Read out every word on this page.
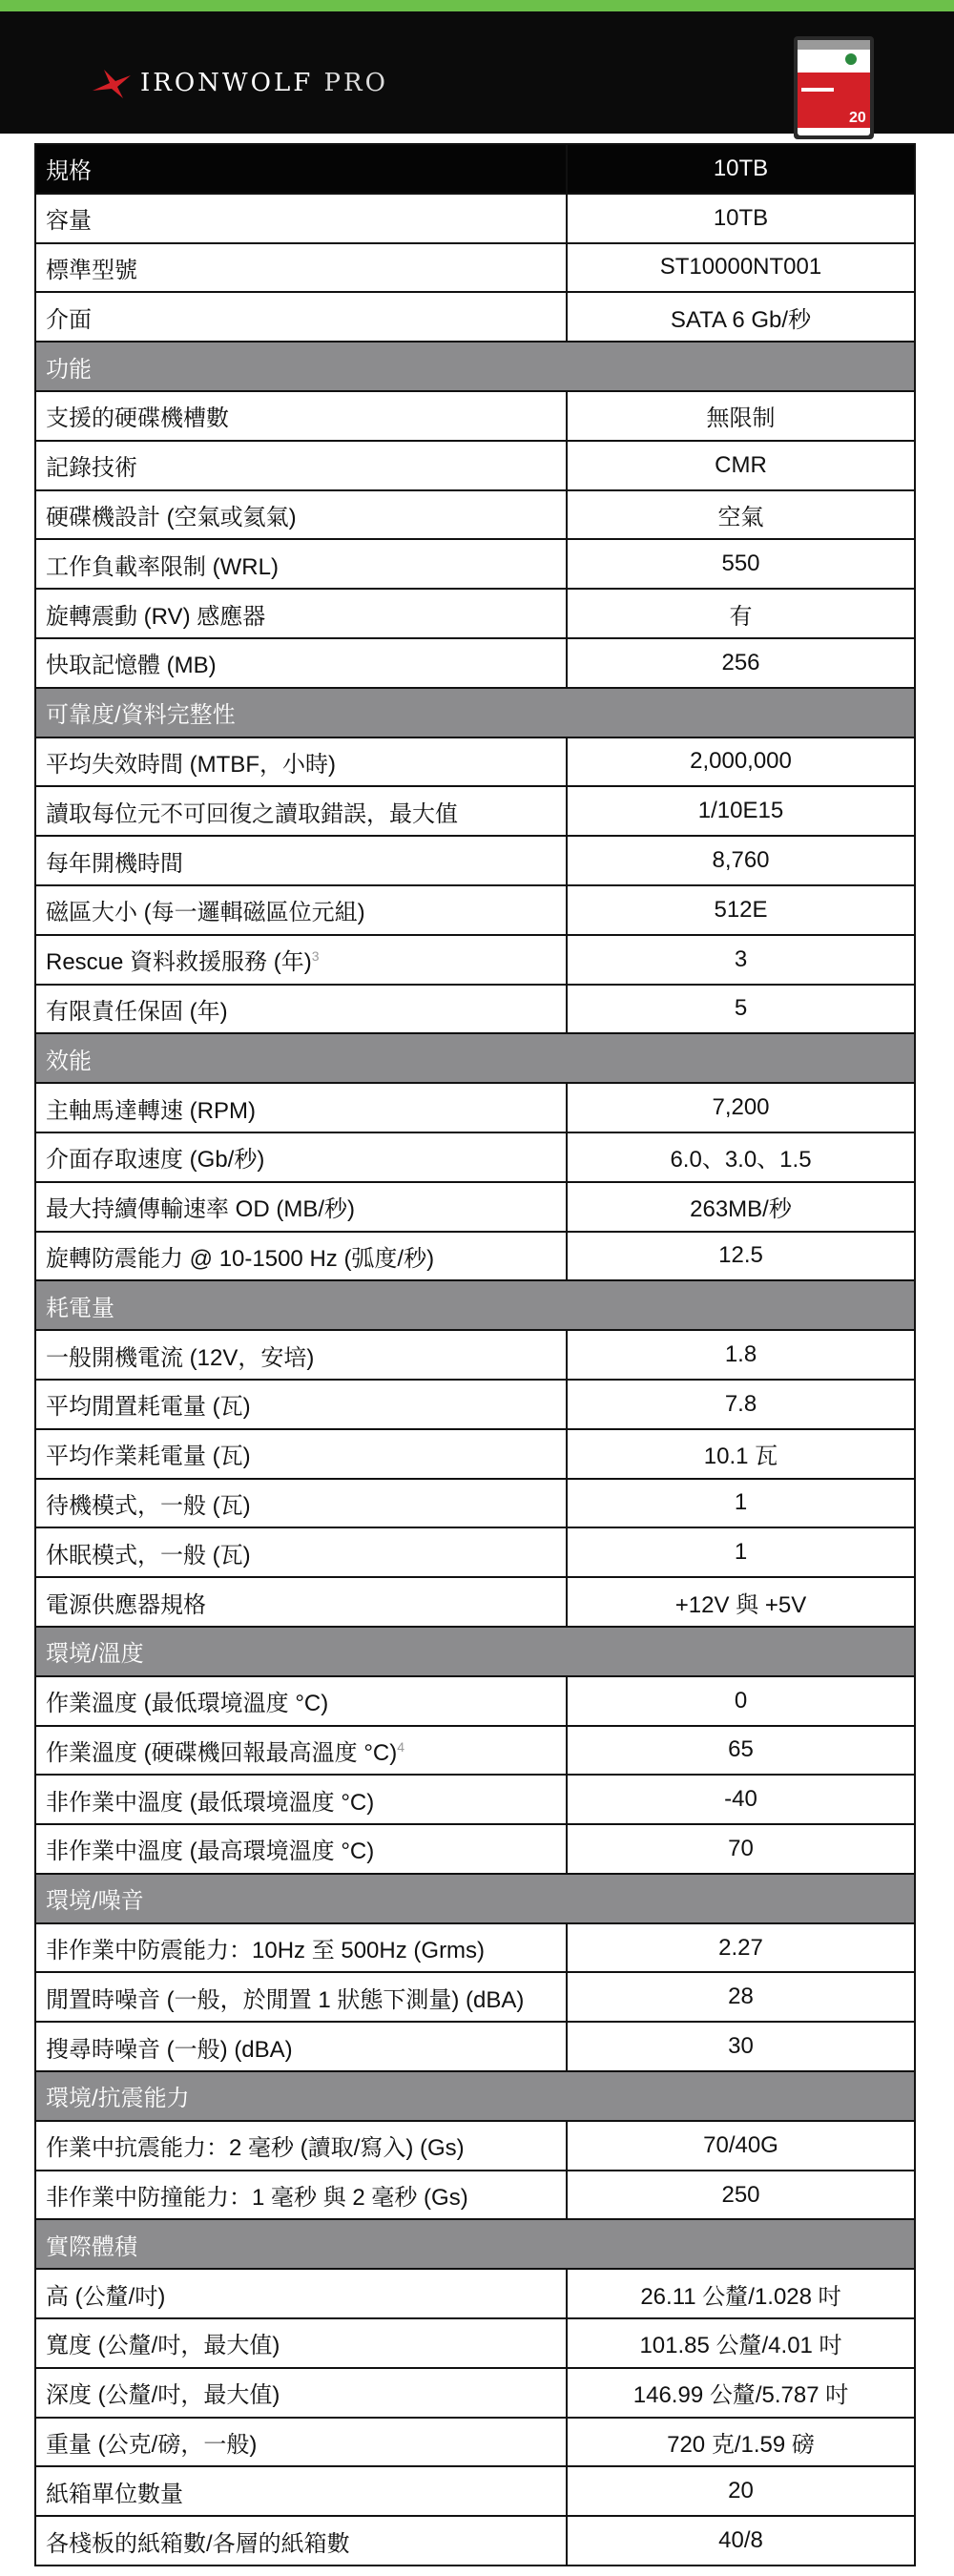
IRONWOLF PRO
20
規格	10TB
容量	10TB
標準型號	ST10000NT001
介面	SATA 6 Gb/秒
功能	
支援的硬碟機槽數	無限制
記錄技術	CMR
硬碟機設計 (空氣或氦氣)	空氣
工作負載率限制 (WRL)	550
旋轉震動 (RV) 感應器	有
快取記憶體 (MB)	256
可靠度/資料完整性	
平均失效時間 (MTBF，小時)	2,000,000
讀取每位元不可回復之讀取錯誤，最大值	1/10E15
每年開機時間	8,760
磁區大小 (每一邏輯磁區位元組)	512E
Rescue 資料救援服務 (年)$^3$	3
有限責任保固 (年)	5
效能	
主軸馬達轉速 (RPM)	7,200
介面存取速度 (Gb/秒)	6.0、3.0、1.5
最大持續傳輸速率 OD (MB/秒)	263MB/秒
旋轉防震能力 @ 10-1500 Hz (弧度/秒)	12.5
耗電量	
一般開機電流 (12V，安培)	1.8
平均閒置耗電量 (瓦)	7.8
平均作業耗電量 (瓦)	10.1 瓦
待機模式，一般 (瓦)	1
休眠模式，一般 (瓦)	1
電源供應器規格	+12V 與 +5V
環境/溫度	
作業溫度 (最低環境溫度 °C)	0
作業溫度 (硬碟機回報最高溫度 °C)$^4$	65
非作業中溫度 (最低環境溫度 °C)	-40
非作業中溫度 (最高環境溫度 °C)	70
環境/噪音	
非作業中防震能力：10Hz 至 500Hz (Grms)	2.27
閒置時噪音 (一般，於閒置 1 狀態下測量) (dBA)	28
搜尋時噪音 (一般) (dBA)	30
環境/抗震能力	
作業中抗震能力：2 毫秒 (讀取/寫入) (Gs)	70/40G
非作業中防撞能力：1 毫秒 與 2 毫秒 (Gs)	250
實際體積	
高 (公釐/吋)	26.11 公釐/1.028 吋
寬度 (公釐/吋，最大值)	101.85 公釐/4.01 吋
深度 (公釐/吋，最大值)	146.99 公釐/5.787 吋
重量 (公克/磅，一般)	720 克/1.59 磅
紙箱單位數量	20
各棧板的紙箱數/各層的紙箱數	40/8
